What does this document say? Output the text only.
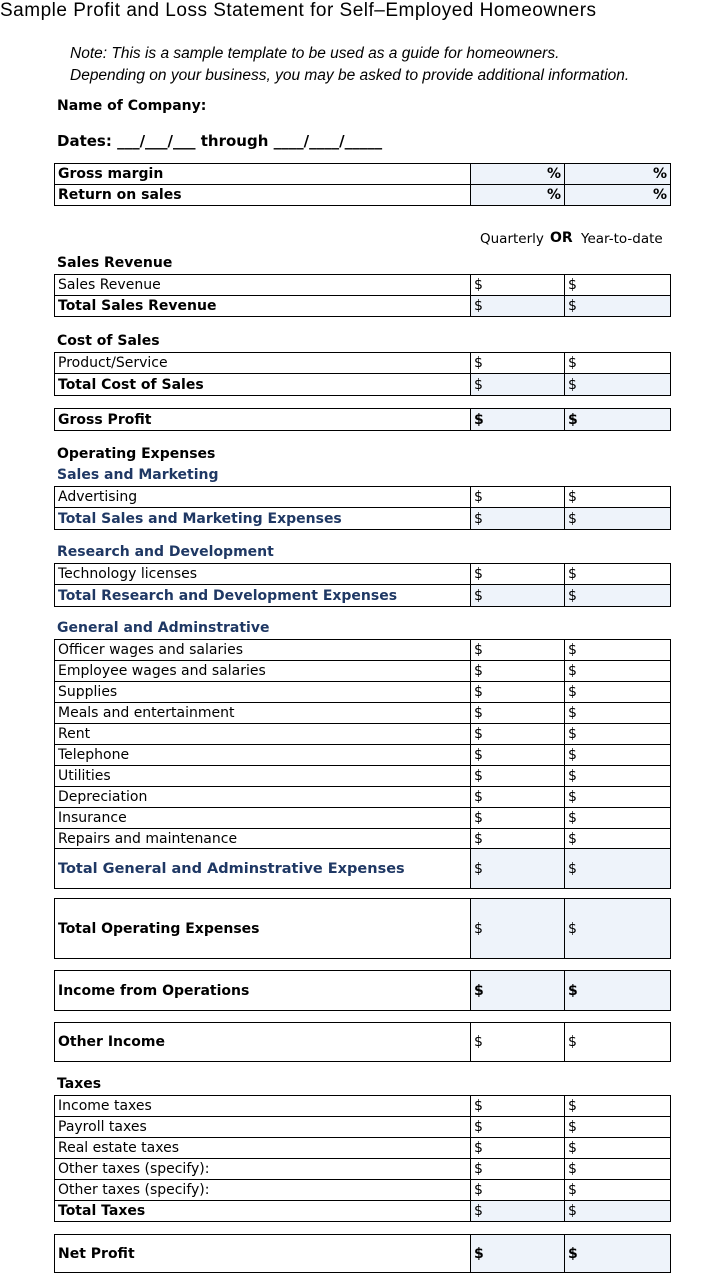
Sample Profit and Loss Statement for Self–Employed Homeowners
Note: This is a sample template to be used as a guide for homeowners.
Depending on your business, you may be asked to provide additional information.
Name of Company:
Dates: ___/___/___ through ____/____/_____
Gross margin	%	%
Return on sales	%	%
Quarterly OR Year-to-date
Sales Revenue
Sales Revenue	$	$
Total Sales Revenue	$	$
Cost of Sales
Product/Service	$	$
Total Cost of Sales	$	$
Gross Profit	$	$
Operating Expenses
Sales and Marketing
Advertising	$	$
Total Sales and Marketing Expenses	$	$
Research and Development
Technology licenses	$	$
Total Research and Development Expenses	$	$
General and Adminstrative
Officer wages and salaries	$	$
Employee wages and salaries	$	$
Supplies	$	$
Meals and entertainment	$	$
Rent	$	$
Telephone	$	$
Utilities	$	$
Depreciation	$	$
Insurance	$	$
Repairs and maintenance	$	$
Total General and Adminstrative Expenses	$	$
Total Operating Expenses	$	$
Income from Operations	$	$
Other Income	$	$
Taxes
Income taxes	$	$
Payroll taxes	$	$
Real estate taxes	$	$
Other taxes (specify):	$	$
Other taxes (specify):	$	$
Total Taxes	$	$
Net Profit	$	$
